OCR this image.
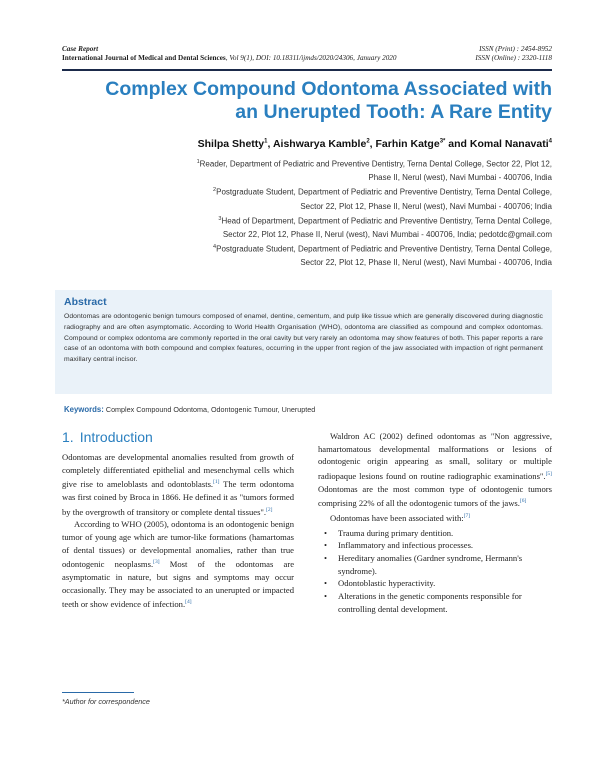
Case Report
International Journal of Medical and Dental Sciences, Vol 9(1), DOI: 10.18311/ijmds/2020/24306, January 2020
ISSN (Print) : 2454-8952
ISSN (Online) : 2320-1118
Complex Compound Odontoma Associated with
an Unerupted Tooth: A Rare Entity
Shilpa Shetty$^1$, Aishwarya Kamble$^2$, Farhin Katge$^{3*}$ and Komal Nanavati$^4$
$^1$Reader, Department of Pediatric and Preventive Dentistry, Terna Dental College, Sector 22, Plot 12,
Phase II, Nerul (west), Navi Mumbai - 400706, India
$^2$Postgraduate Student, Department of Pediatric and Preventive Dentistry, Terna Dental College,
Sector 22, Plot 12, Phase II, Nerul (west), Navi Mumbai - 400706; India
$^3$Head of Department, Department of Pediatric and Preventive Dentistry, Terna Dental College,
Sector 22, Plot 12, Phase II, Nerul (west), Navi Mumbai - 400706, India; pedotdc@gmail.com
$^4$Postgraduate Student, Department of Pediatric and Preventive Dentistry, Terna Dental College,
Sector 22, Plot 12, Phase II, Nerul (west), Navi Mumbai - 400706, India
Abstract
Odontomas are odontogenic benign tumours composed of enamel, dentine, cementum, and pulp like tissue which are generally discovered during diagnostic radiography and are often asymptomatic. According to World Health Organisation (WHO), odontoma are classified as compound and complex odontomas. Compound or complex odontoma are commonly reported in the oral cavity but very rarely an odontoma may show features of both. This paper reports a rare case of an odontoma with both compound and complex features, occurring in the upper front region of the jaw associated with impaction of right permanent maxillary central incisor.
Keywords: Complex Compound Odontoma, Odontogenic Tumour, Unerupted
1. Introduction

Odontomas are developmental anomalies resulted from growth of completely differentiated epithelial and mesenchymal cells which give rise to ameloblasts and odontoblasts.[1] The term odontoma was first coined by Broca in 1866. He defined it as "tumors formed by the overgrowth of transitory or complete dental tissues".[2]

According to WHO (2005), odontoma is an odontogenic benign tumor of young age which are tumor-like formations (hamartomas of dental tissues) or developmental anomalies, rather than true odontogenic neoplasms.[3] Most of the odontomas are asymptomatic in nature, but signs and symptoms may occur occasionally. They may be associated to an unerupted or impacted teeth or show evidence of infection.[4]

Waldron AC (2002) defined odontomas as "Non aggressive, hamartomatous developmental malformations or lesions of odontogenic origin appearing as small, solitary or multiple radiopaque lesions found on routine radiographic examinations".[5] Odontomas are the most common type of odontogenic tumors comprising 22% of all the odontogenic tumors of the jaws.[6]

Odontomas have been associated with:[7]

• Trauma during primary dentition.
• Inflammatory and infectious processes.
• Hereditary anomalies (Gardner syndrome, Hermann's syndrome).
• Odontoblastic hyperactivity.
• Alterations in the genetic components responsible for controlling dental development.
*Author for correspondence
